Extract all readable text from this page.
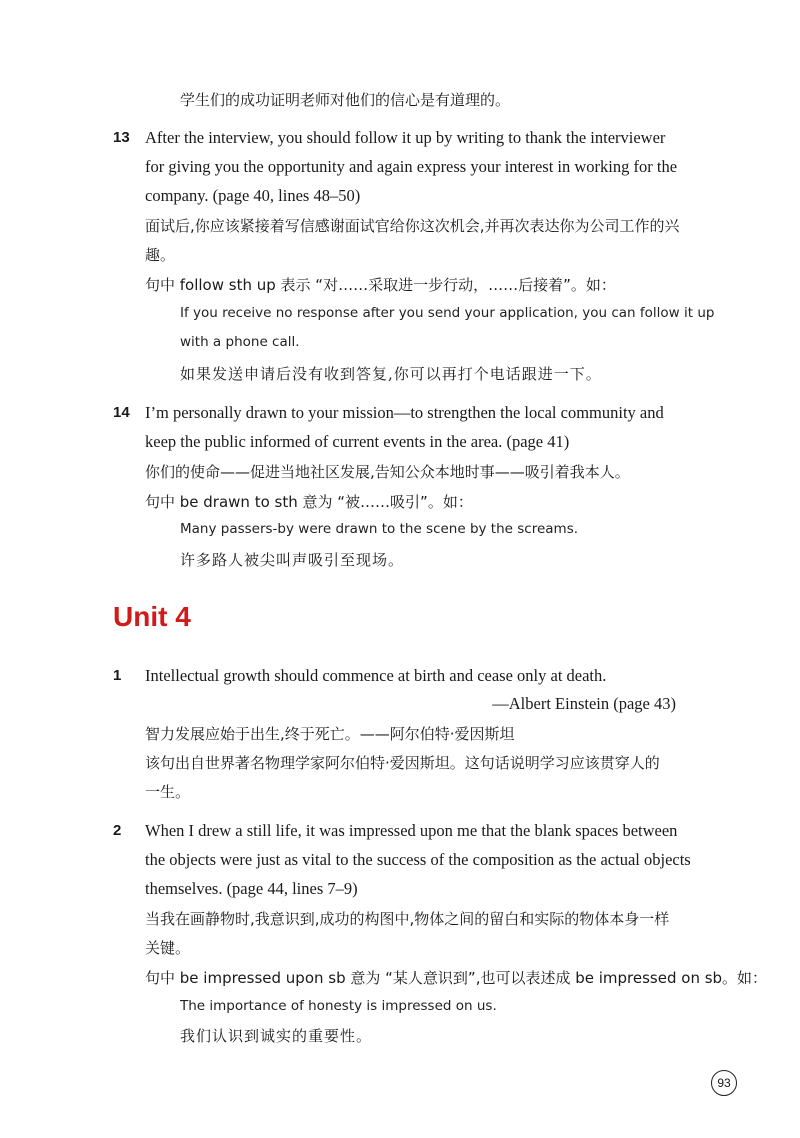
学生们的成功证明老师对他们的信心是有道理的。
13 After the interview, you should follow it up by writing to thank the interviewer
for giving you the opportunity and again express your interest in working for the
company. (page 40, lines 48–50)
面试后,你应该紧接着写信感谢面试官给你这次机会,并再次表达你为公司工作的兴
趣。
句中 follow sth up 表示 “对……采取进一步行动，……后接着”。如：
If you receive no response after you send your application, you can follow it up
with a phone call.
如果发送申请后没有收到答复,你可以再打个电话跟进一下。
14 I’m personally drawn to your mission—to strengthen the local community and
keep the public informed of current events in the area. (page 41)
你们的使命——促进当地社区发展,告知公众本地时事——吸引着我本人。
句中 be drawn to sth 意为 “被……吸引”。如：
Many passers-by were drawn to the scene by the screams.
许多路人被尖叫声吸引至现场。
Unit 4
1 Intellectual growth should commence at birth and cease only at death.
—Albert Einstein (page 43)
智力发展应始于出生,终于死亡。——阿尔伯特·爱因斯坦
该句出自世界著名物理学家阿尔伯特·爱因斯坦。这句话说明学习应该贯穿人的
一生。
2 When I drew a still life, it was impressed upon me that the blank spaces between
the objects were just as vital to the success of the composition as the actual objects
themselves. (page 44, lines 7–9)
当我在画静物时,我意识到,成功的构图中,物体之间的留白和实际的物体本身一样
关键。
句中 be impressed upon sb 意为 “某人意识到”,也可以表述成 be impressed on sb。如：
The importance of honesty is impressed on us.
我们认识到诚实的重要性。
93
